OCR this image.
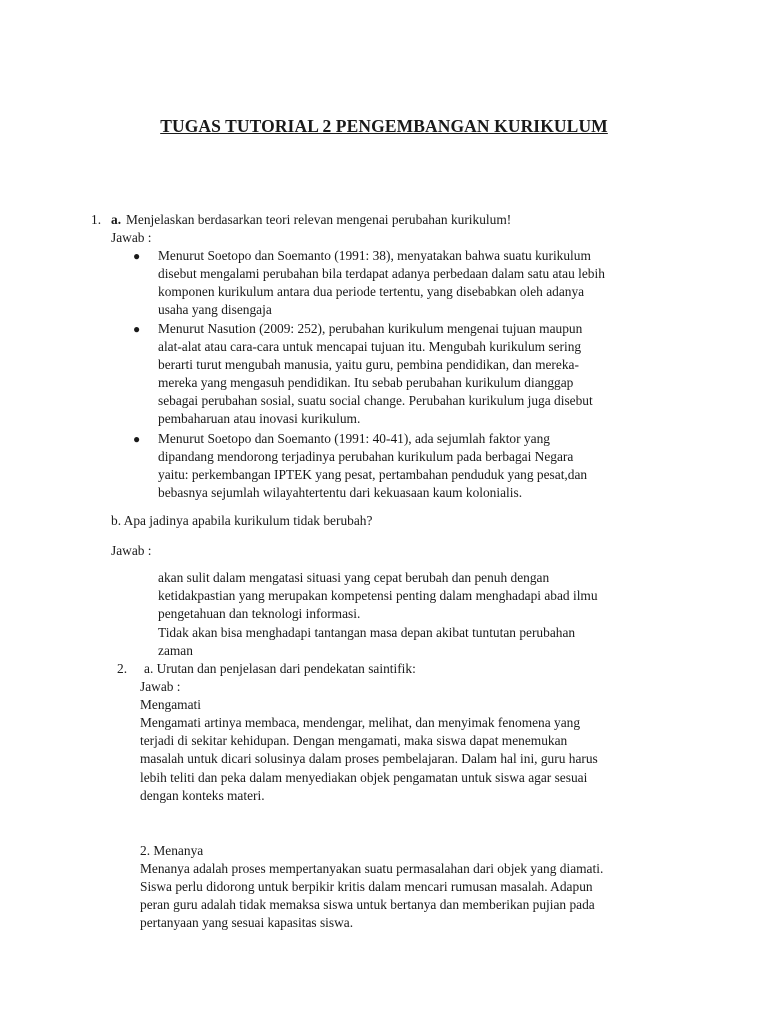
TUGAS TUTORIAL 2 PENGEMBANGAN KURIKULUM
1. a. Menjelaskan berdasarkan teori relevan mengenai perubahan kurikulum!
Jawab :
● Menurut Soetopo dan Soemanto (1991: 38), menyatakan bahwa suatu kurikulum
disebut mengalami perubahan bila terdapat adanya perbedaan dalam satu atau lebih
komponen kurikulum antara dua periode tertentu, yang disebabkan oleh adanya
usaha yang disengaja
● Menurut Nasution (2009: 252), perubahan kurikulum mengenai tujuan maupun
alat-alat atau cara-cara untuk mencapai tujuan itu. Mengubah kurikulum sering
berarti turut mengubah manusia, yaitu guru, pembina pendidikan, dan mereka-
mereka yang mengasuh pendidikan. Itu sebab perubahan kurikulum dianggap
sebagai perubahan sosial, suatu social change. Perubahan kurikulum juga disebut
pembaharuan atau inovasi kurikulum.
● Menurut Soetopo dan Soemanto (1991: 40-41), ada sejumlah faktor yang
dipandang mendorong terjadinya perubahan kurikulum pada berbagai Negara
yaitu: perkembangan IPTEK yang pesat, pertambahan penduduk yang pesat,dan
bebasnya sejumlah wilayahtertentu dari kekuasaan kaum kolonialis.
b. Apa jadinya apabila kurikulum tidak berubah?
Jawab :
akan sulit dalam mengatasi situasi yang cepat berubah dan penuh dengan
ketidakpastian yang merupakan kompetensi penting dalam menghadapi abad ilmu
pengetahuan dan teknologi informasi.
Tidak akan bisa menghadapi tantangan masa depan akibat tuntutan perubahan
zaman
2. a. Urutan dan penjelasan dari pendekatan saintifik:
Jawab :
Mengamati
Mengamati artinya membaca, mendengar, melihat, dan menyimak fenomena yang
terjadi di sekitar kehidupan. Dengan mengamati, maka siswa dapat menemukan
masalah untuk dicari solusinya dalam proses pembelajaran. Dalam hal ini, guru harus
lebih teliti dan peka dalam menyediakan objek pengamatan untuk siswa agar sesuai
dengan konteks materi.
2. Menanya
Menanya adalah proses mempertanyakan suatu permasalahan dari objek yang diamati.
Siswa perlu didorong untuk berpikir kritis dalam mencari rumusan masalah. Adapun
peran guru adalah tidak memaksa siswa untuk bertanya dan memberikan pujian pada
pertanyaan yang sesuai kapasitas siswa.
